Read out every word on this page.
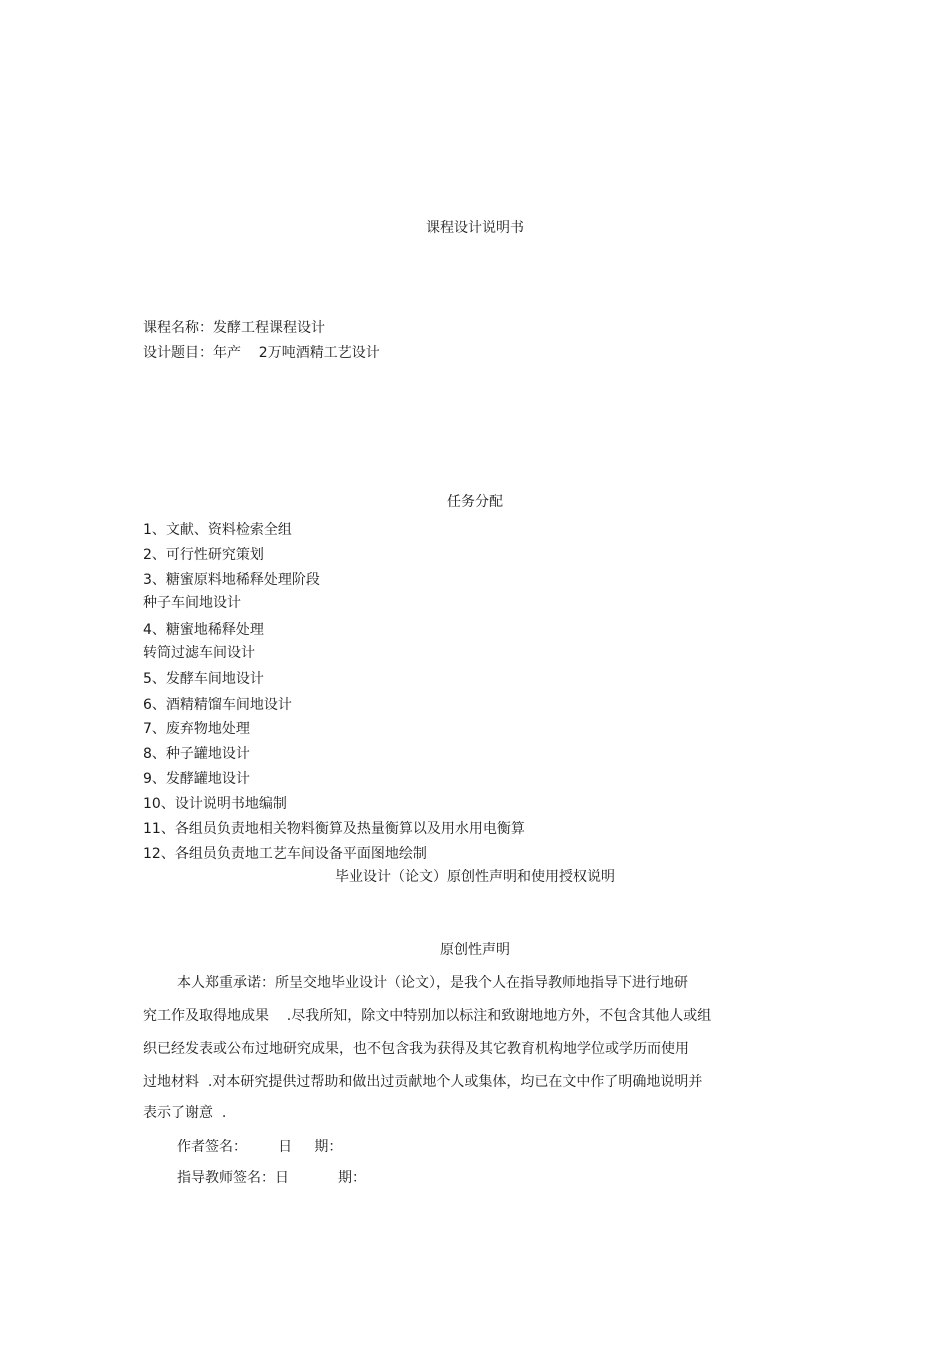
课程设计说明书
课程名称：发酵工程课程设计
设计题目：年产    2万吨酒精工艺设计
任务分配
1、文献、资料检索全组
2、可行性研究策划
3、糖蜜原料地稀释处理阶段
种子车间地设计
4、糖蜜地稀释处理
转筒过滤车间设计
5、发酵车间地设计
6、酒精精馏车间地设计
7、废弃物地处理
8、种子罐地设计
9、发酵罐地设计
10、设计说明书地编制
11、各组员负责地相关物料衡算及热量衡算以及用水用电衡算
12、各组员负责地工艺车间设备平面图地绘制
毕业设计（论文）原创性声明和使用授权说明
原创性声明
本人郑重承诺：所呈交地毕业设计（论文），是我个人在指导教师地指导下进行地研
究工作及取得地成果    .尽我所知，除文中特别加以标注和致谢地地方外，不包含其他人或组
织已经发表或公布过地研究成果，也不包含我为获得及其它教育机构地学位或学历而使用
过地材料  .对本研究提供过帮助和做出过贡献地个人或集体，均已在文中作了明确地说明并
表示了谢意  .
作者签名：       日     期：
指导教师签名：日           期：
